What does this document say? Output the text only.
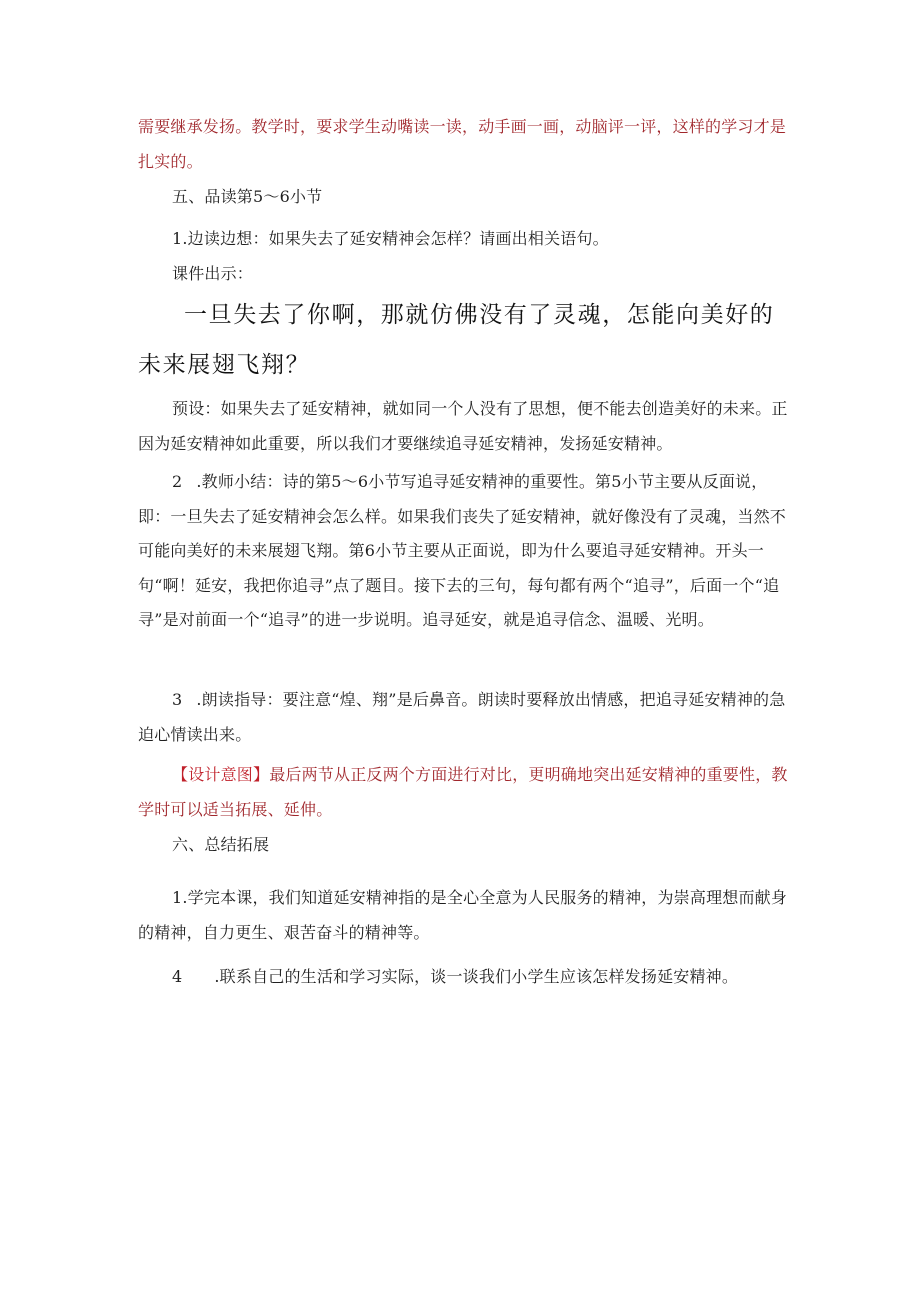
需要继承发扬。教学时，要求学生动嘴读一读，动手画一画，动脑评一评，这样的学习才是扎实的。

五、品读第5～6小节

1.边读边想：如果失去了延安精神会怎样？请画出相关语句。

课件出示：

一旦失去了你啊，那就仿佛没有了灵魂，怎能向美好的未来展翅飞翔？

预设：如果失去了延安精神，就如同一个人没有了思想，便不能去创造美好的未来。正因为延安精神如此重要，所以我们才要继续追寻延安精神，发扬延安精神。

2 .教师小结：诗的第5～6小节写追寻延安精神的重要性。第5小节主要从反面说，即：一旦失去了延安精神会怎么样。如果我们丧失了延安精神，就好像没有了灵魂，当然不可能向美好的未来展翅飞翔。第6小节主要从正面说，即为什么要追寻延安精神。开头一句“啊！延安，我把你追寻”点了题目。接下去的三句，每句都有两个“追寻”，后面一个“追寻”是对前面一个“追寻”的进一步说明。追寻延安，就是追寻信念、温暖、光明。

3 .朗读指导：要注意“煌、翔”是后鼻音。朗读时要释放出情感，把追寻延安精神的急迫心情读出来。

【设计意图】最后两节从正反两个方面进行对比，更明确地突出延安精神的重要性，教学时可以适当拓展、延伸。

六、总结拓展

1.学完本课，我们知道延安精神指的是全心全意为人民服务的精神，为崇高理想而献身的精神，自力更生、艰苦奋斗的精神等。

4 .联系自己的生活和学习实际，谈一谈我们小学生应该怎样发扬延安精神。
